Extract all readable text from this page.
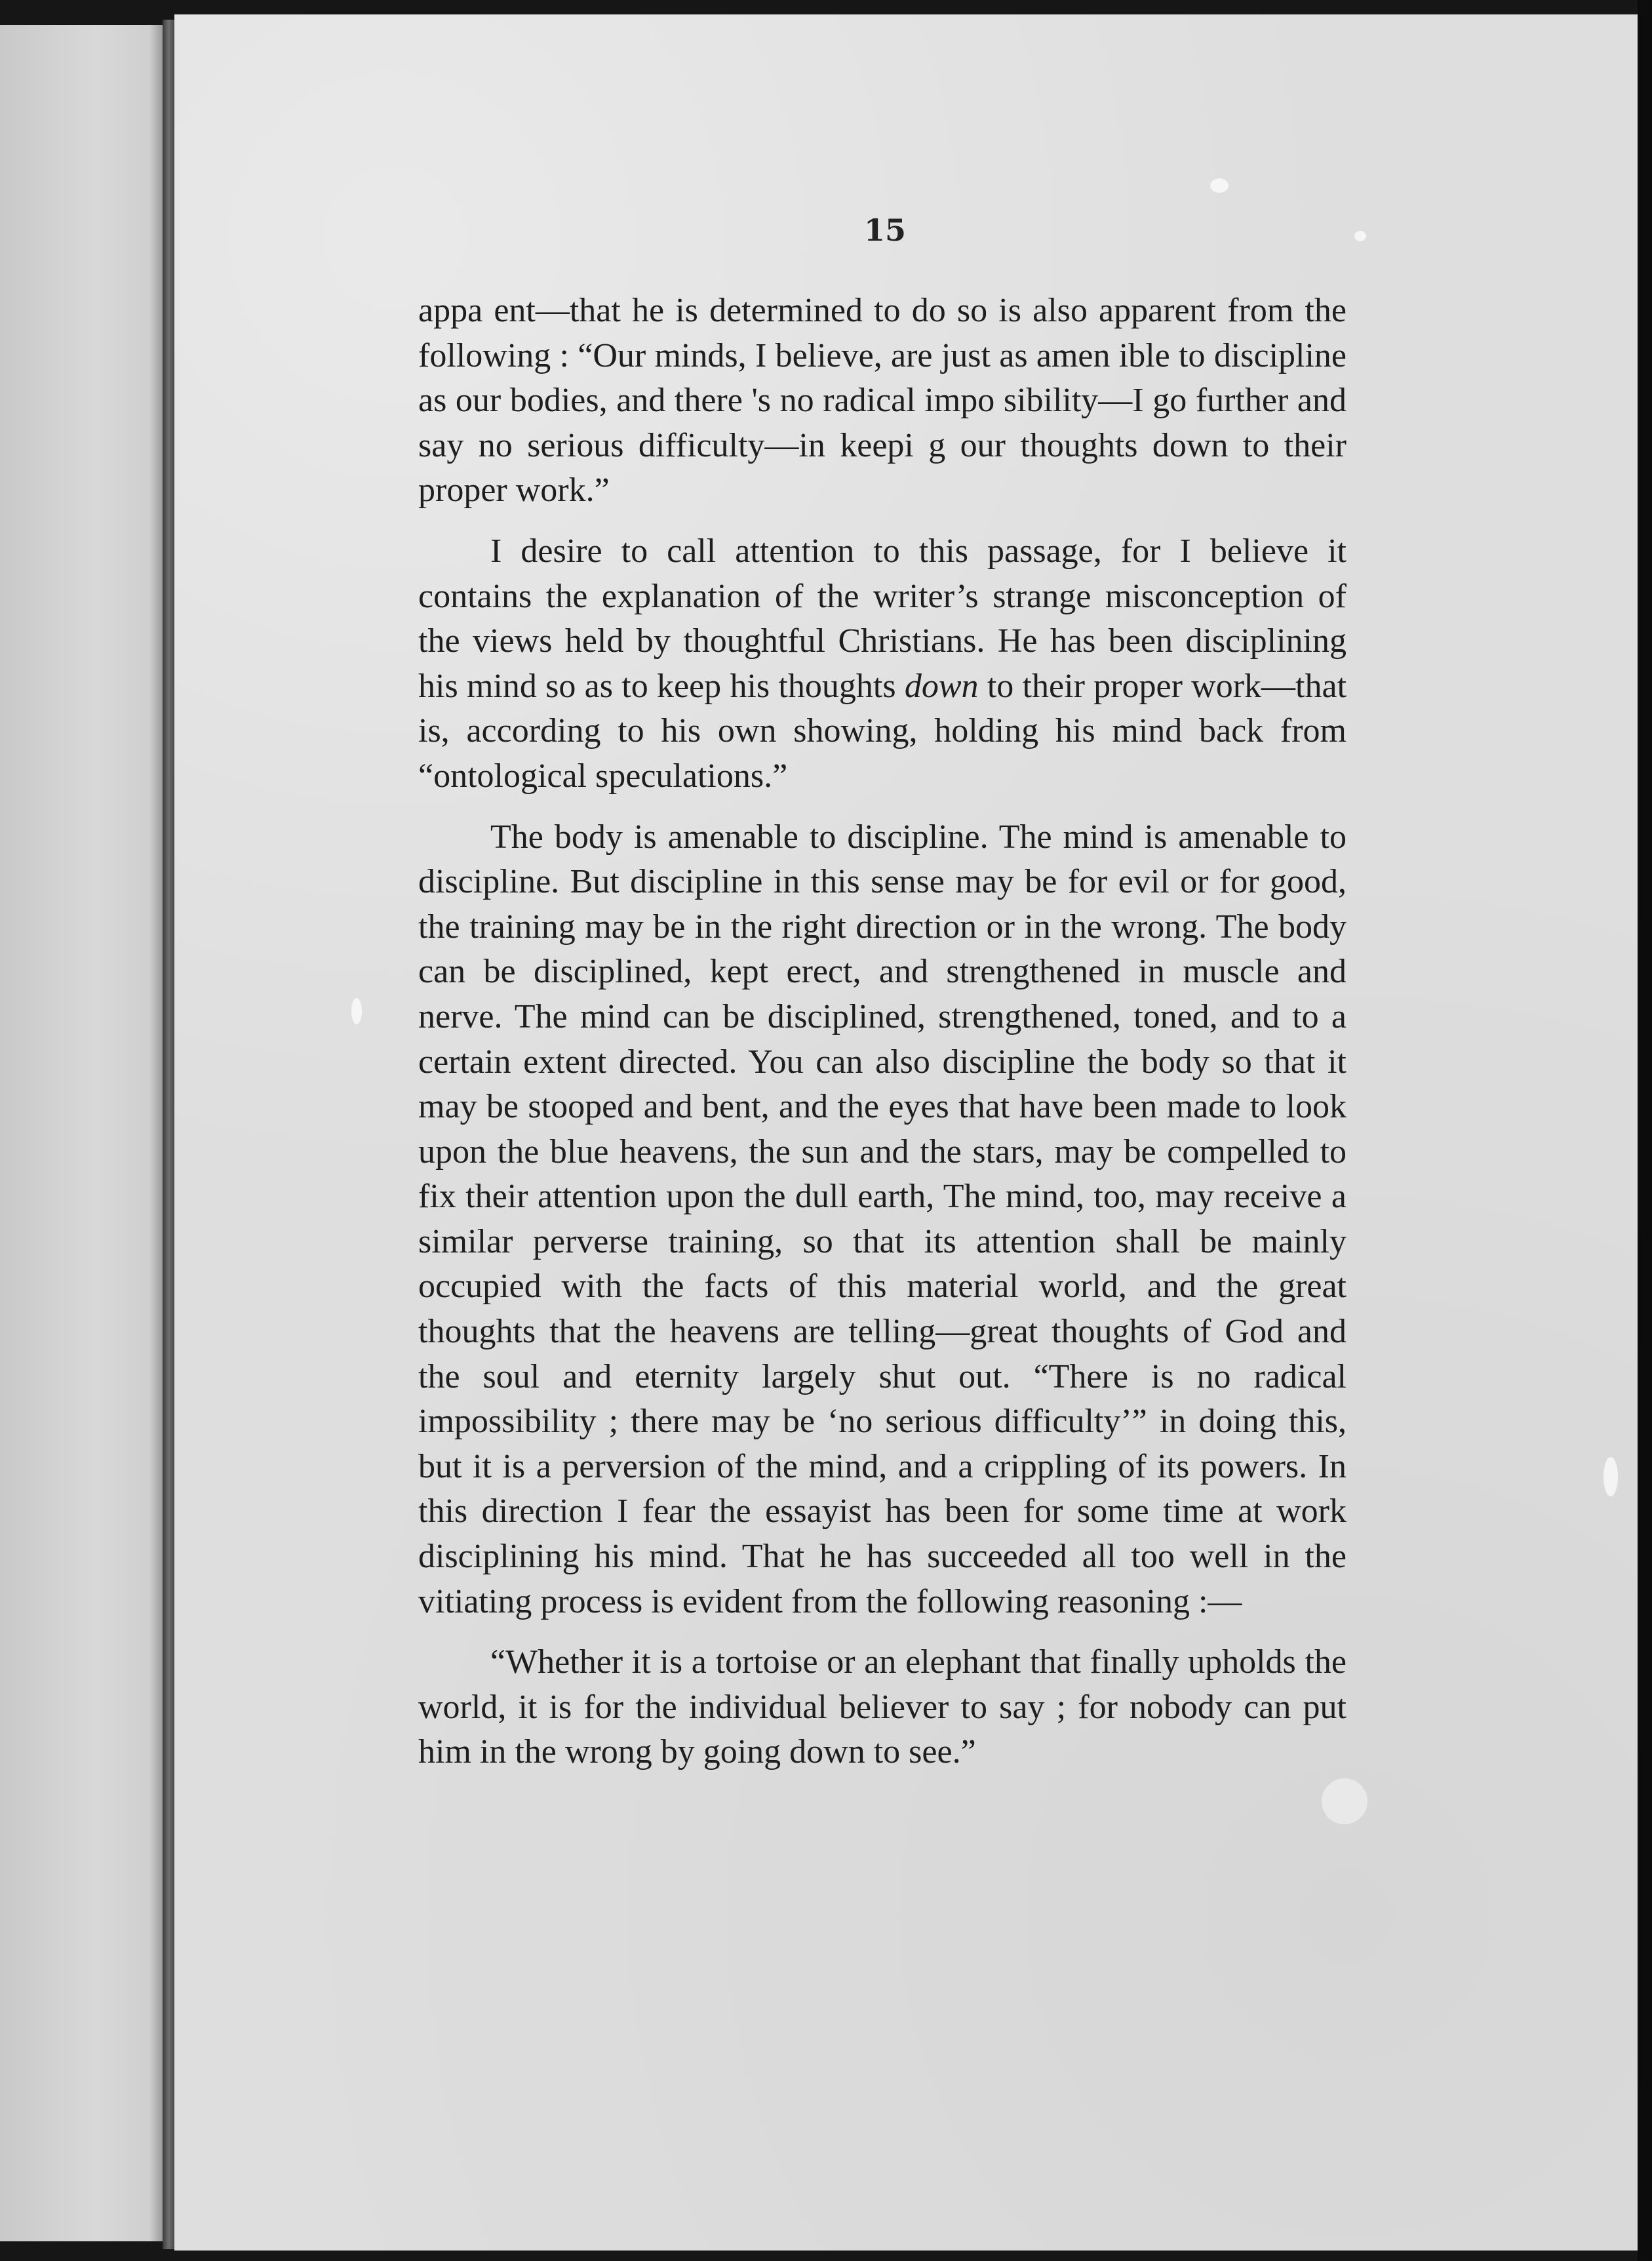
15

appa ent—that he is determined to do so is also apparent from the following : “Our minds, I believe, are just as amen ible to discipline as our bodies, and there 's no radical impo sibility—I go further and say no serious difficulty—in keepi g our thoughts down to their proper work.”

I desire to call attention to this passage, for I believe it contains the explanation of the writer’s strange misconception of the views held by thoughtful Christians. He has been disciplining his mind so as to keep his thoughts down to their proper work—that is, according to his own showing, holding his mind back from “ontological speculations.”

The body is amenable to discipline. The mind is amenable to discipline. But discipline in this sense may be for evil or for good, the training may be in the right direction or in the wrong. The body can be disciplined, kept erect, and strengthened in muscle and nerve. The mind can be disciplined, strengthened, toned, and to a certain extent directed. You can also discipline the body so that it may be stooped and bent, and the eyes that have been made to look upon the blue heavens, the sun and the stars, may be compelled to fix their attention upon the dull earth, The mind, too, may receive a similar perverse training, so that its attention shall be mainly occupied with the facts of this material world, and the great thoughts that the heavens are telling—great thoughts of God and the soul and eternity largely shut out. “There is no radical impossibility ; there may be ‘no serious difficulty’” in doing this, but it is a perversion of the mind, and a crippling of its powers. In this direction I fear the essayist has been for some time at work disciplining his mind. That he has succeeded all too well in the vitiating process is evident from the following reasoning :—

“Whether it is a tortoise or an elephant that finally upholds the world, it is for the individual believer to say ; for nobody can put him in the wrong by going down to see.”
